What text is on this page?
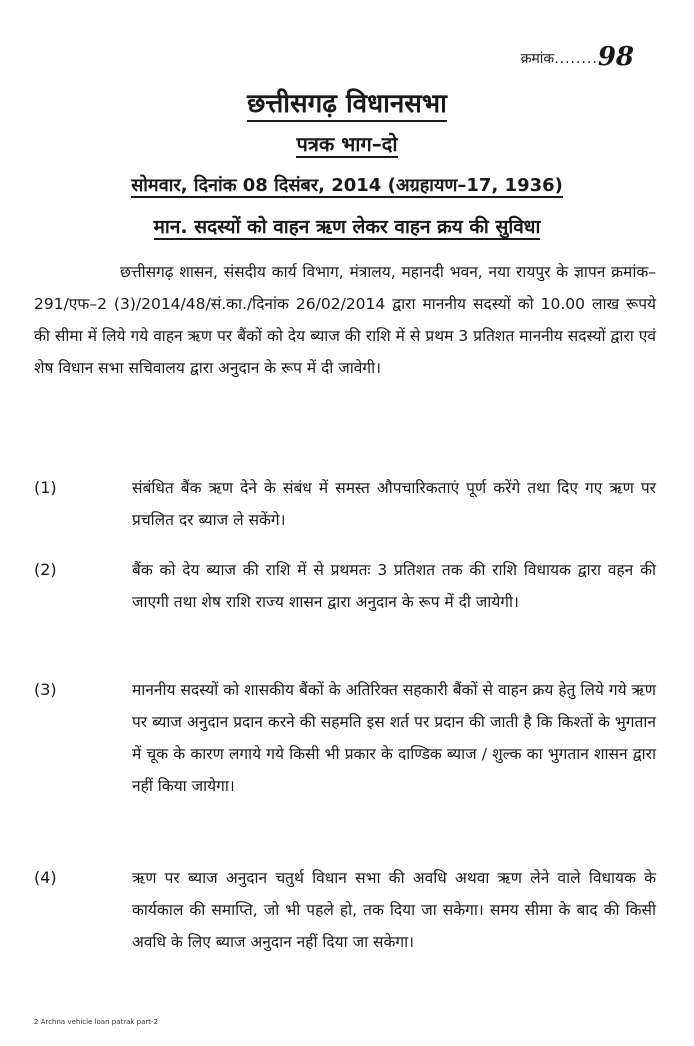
क्रमांक........98
छत्तीसगढ़ विधानसभा
पत्रक भाग–दो
सोमवार, दिनांक 08 दिसंबर, 2014 (अग्रहायण–17, 1936)
मान. सदस्यों को वाहन ऋण लेकर वाहन क्रय की सुविधा

छत्तीसगढ़ शासन, संसदीय कार्य विभाग, मंत्रालय, महानदी भवन, नया रायपुर के ज्ञापन क्रमांक–291/एफ–2 (3)/2014/48/सं.का./दिनांक 26/02/2014 द्वारा माननीय सदस्यों को 10.00 लाख रूपये की सीमा में लिये गये वाहन ऋण पर बैंकों को देय ब्याज की राशि में से प्रथम 3 प्रतिशत माननीय सदस्यों द्वारा एवं शेष विधान सभा सचिवालय द्वारा अनुदान के रूप में दी जावेगी।

(1)	संबंधित बैंक ऋण देने के संबंध में समस्त औपचारिकताएं पूर्ण करेंगे तथा दिए गए ऋण पर प्रचलित दर ब्याज ले सकेंगे।
(2)	बैंक को देय ब्याज की राशि में से प्रथमतः 3 प्रतिशत तक की राशि विधायक द्वारा वहन की जाएगी तथा शेष राशि राज्य शासन द्वारा अनुदान के रूप में दी जायेगी।
(3)	माननीय सदस्यों को शासकीय बैंकों के अतिरिक्त सहकारी बैंकों से वाहन क्रय हेतु लिये गये ऋण पर ब्याज अनुदान प्रदान करने की सहमति इस शर्त पर प्रदान की जाती है कि किश्तों के भुगतान में चूक के कारण लगाये गये किसी भी प्रकार के दाण्डिक ब्याज / शुल्क का भुगतान शासन द्वारा नहीं किया जायेगा।
(4)	ऋण पर ब्याज अनुदान चतुर्थ विधान सभा की अवधि अथवा ऋण लेने वाले विधायक के कार्यकाल की समाप्ति, जो भी पहले हो, तक दिया जा सकेगा। समय सीमा के बाद की किसी अवधि के लिए ब्याज अनुदान नहीं दिया जा सकेगा।
2 Archna vehicle loan patrak part-2
